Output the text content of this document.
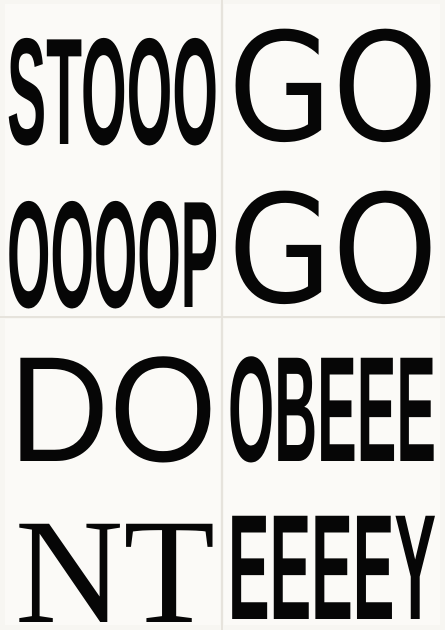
STOOO
OOOOP
GO
GO
DO
NT
OBEEE
EEEEY
